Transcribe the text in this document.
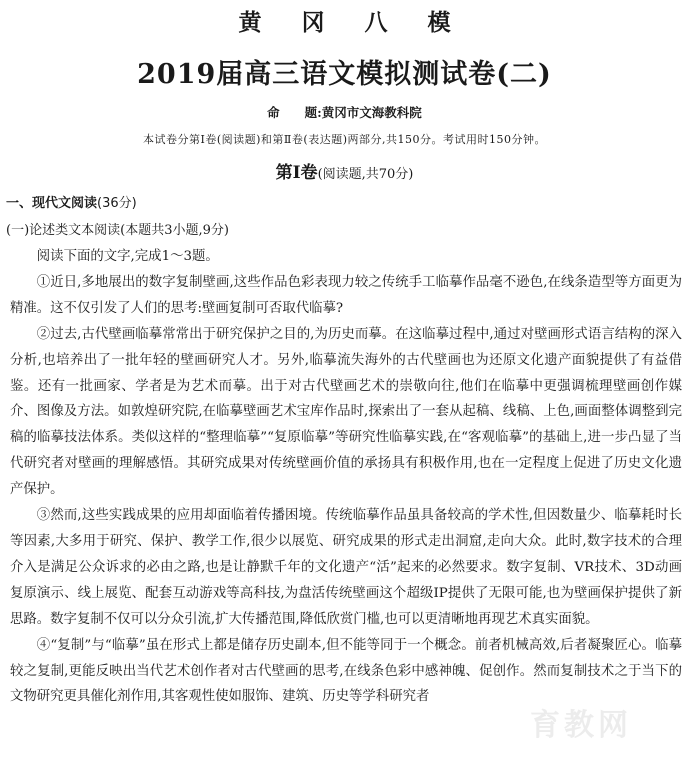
黄冈八模
2019届高三语文模拟测试卷(二)
命　　题:黄冈市文海教科院
本试卷分第Ⅰ卷(阅读题)和第Ⅱ卷(表达题)两部分,共150分。考试用时150分钟。
第Ⅰ卷(阅读题,共70分)
一、现代文阅读(36分)
(一)论述类文本阅读(本题共3小题,9分)

阅读下面的文字,完成1～3题。

①近日,多地展出的数字复制壁画,这些作品色彩表现力较之传统手工临摹作品毫不逊色,在线条造型等方面更为精准。这不仅引发了人们的思考:壁画复制可否取代临摹?

②过去,古代壁画临摹常常出于研究保护之目的,为历史而摹。在这临摹过程中,通过对壁画形式语言结构的深入分析,也培养出了一批年轻的壁画研究人才。另外,临摹流失海外的古代壁画也为还原文化遗产面貌提供了有益借鉴。还有一批画家、学者是为艺术而摹。出于对古代壁画艺术的崇敬向往,他们在临摹中更强调梳理壁画创作媒介、图像及方法。如敦煌研究院,在临摹壁画艺术宝库作品时,探索出了一套从起稿、线稿、上色,画面整体调整到完稿的临摹技法体系。类似这样的“整理临摹”“复原临摹”等研究性临摹实践,在“客观临摹”的基础上,进一步凸显了当代研究者对壁画的理解感悟。其研究成果对传统壁画价值的承扬具有积极作用,也在一定程度上促进了历史文化遗产保护。

③然而,这些实践成果的应用却面临着传播困境。传统临摹作品虽具备较高的学术性,但因数量少、临摹耗时长等因素,大多用于研究、保护、教学工作,很少以展览、研究成果的形式走出洞窟,走向大众。此时,数字技术的合理介入是满足公众诉求的必由之路,也是让静默千年的文化遗产“活”起来的必然要求。数字复制、VR技术、3D动画复原演示、线上展览、配套互动游戏等高科技,为盘活传统壁画这个超级IP提供了无限可能,也为壁画保护提供了新思路。数字复制不仅可以分众引流,扩大传播范围,降低欣赏门槛,也可以更清晰地再现艺术真实面貌。

④“复制”与“临摹”虽在形式上都是储存历史副本,但不能等同于一个概念。前者机械高效,后者凝聚匠心。临摹较之复制,更能反映出当代艺术创作者对古代壁画的思考,在线条色彩中感神魄、促创作。然而复制技术之于当下的文物研究更具催化剂作用,其客观性使如服饰、建筑、历史等学科研究者

育教网
